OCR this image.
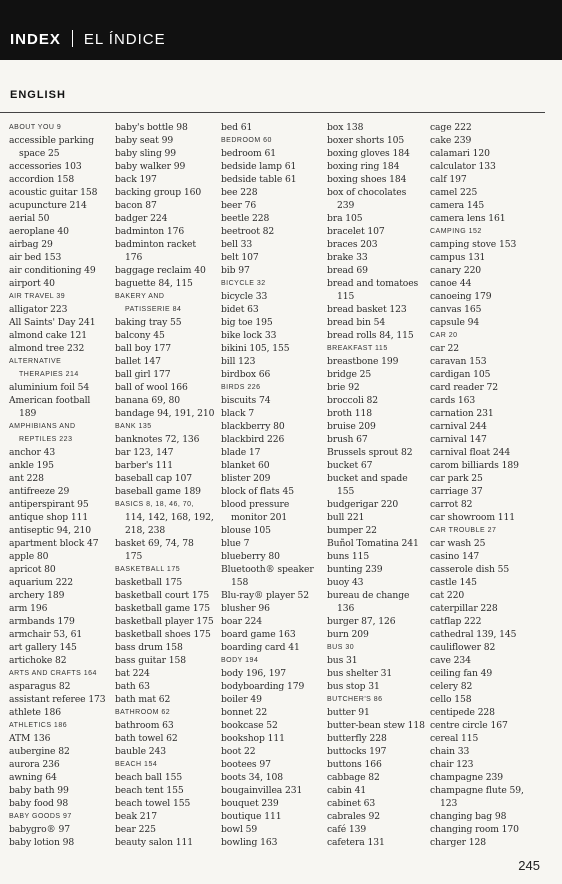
INDEX EL ÍNDICE
ENGLISH
ABOUT YOU 9
accessible parking
space 25
accessories 103
accordion 158
acoustic guitar 158
acupuncture 214
aerial 50
aeroplane 40
airbag 29
air bed 153
air conditioning 49
airport 40
AIR TRAVEL 39
alligator 223
All Saints' Day 241
almond cake 121
almond tree 232
ALTERNATIVE
THERAPIES 214
aluminium foil 54
American football
189
AMPHIBIANS AND
REPTILES 223
anchor 43
ankle 195
ant 228
antifreeze 29
antiperspirant 95
antique shop 111
antiseptic 94, 210
apartment block 47
apple 80
apricot 80
aquarium 222
archery 189
arm 196
armbands 179
armchair 53, 61
art gallery 145
artichoke 82
ARTS AND CRAFTS 164
asparagus 82
assistant referee 173
athlete 186
ATHLETICS 186
ATM 136
aubergine 82
aurora 236
awning 64
baby bath 99
baby food 98
BABY GOODS 97
babygro® 97
baby lotion 98
baby's bottle 98
baby seat 99
baby sling 99
baby walker 99
back 197
backing group 160
bacon 87
badger 224
badminton 176
badminton racket
176
baggage reclaim 40
baguette 84, 115
BAKERY AND
PATISSERIE 84
baking tray 55
balcony 45
ball boy 177
ballet 147
ball girl 177
ball of wool 166
banana 69, 80
bandage 94, 191, 210
BANK 135
banknotes 72, 136
bar 123, 147
barber's 111
baseball cap 107
baseball game 189
BASICS 8, 18, 46, 70,
114, 142, 168, 192,
218, 238
basket 69, 74, 78
175
BASKETBALL 175
basketball 175
basketball court 175
basketball game 175
basketball player 175
basketball shoes 175
bass drum 158
bass guitar 158
bat 224
bath 63
bath mat 62
BATHROOM 62
bathroom 63
bath towel 62
bauble 243
BEACH 154
beach ball 155
beach tent 155
beach towel 155
beak 217
bear 225
beauty salon 111
bed 61
BEDROOM 60
bedroom 61
bedside lamp 61
bedside table 61
bee 228
beer 76
beetle 228
beetroot 82
bell 33
belt 107
bib 97
BICYCLE 32
bicycle 33
bidet 63
big toe 195
bike lock 33
bikini 105, 155
bill 123
birdbox 66
BIRDS 226
biscuits 74
black 7
blackberry 80
blackbird 226
blade 17
blanket 60
blister 209
block of flats 45
blood pressure
monitor 201
blouse 105
blue 7
blueberry 80
Bluetooth® speaker
158
Blu-ray® player 52
blusher 96
boar 224
board game 163
boarding card 41
BODY 194
body 196, 197
bodyboarding 179
boiler 49
bonnet 22
bookcase 52
bookshop 111
boot 22
bootees 97
boots 34, 108
bougainvillea 231
bouquet 239
boutique 111
bowl 59
bowling 163
box 138
boxer shorts 105
boxing gloves 184
boxing ring 184
boxing shoes 184
box of chocolates
239
bra 105
bracelet 107
braces 203
brake 33
bread 69
bread and tomatoes
115
bread basket 123
bread bin 54
bread rolls 84, 115
BREAKFAST 115
breastbone 199
bridge 25
brie 92
broccoli 82
broth 118
bruise 209
brush 67
Brussels sprout 82
bucket 67
bucket and spade
155
budgerigar 220
bull 221
bumper 22
Buñol Tomatina 241
buns 115
bunting 239
buoy 43
bureau de change
136
burger 87, 126
burn 209
BUS 30
bus 31
bus shelter 31
bus stop 31
BUTCHER'S 86
butter 91
butter-bean stew 118
butterfly 228
buttocks 197
buttons 166
cabbage 82
cabin 41
cabinet 63
cabrales 92
café 139
cafetera 131
cage 222
cake 239
calamari 120
calculator 133
calf 197
camel 225
camera 145
camera lens 161
CAMPING 152
camping stove 153
campus 131
canary 220
canoe 44
canoeing 179
canvas 165
capsule 94
CAR 20
car 22
caravan 153
cardigan 105
card reader 72
cards 163
carnation 231
carnival 244
carnival 147
carnival float 244
carom billiards 189
car park 25
carriage 37
carrot 82
car showroom 111
CAR TROUBLE 27
car wash 25
casino 147
casserole dish 55
castle 145
cat 220
caterpillar 228
catflap 222
cathedral 139, 145
cauliflower 82
cave 234
ceiling fan 49
celery 82
cello 158
centipede 228
centre circle 167
cereal 115
chain 33
chair 123
champagne 239
champagne flute 59,
123
changing bag 98
changing room 170
charger 128
245
